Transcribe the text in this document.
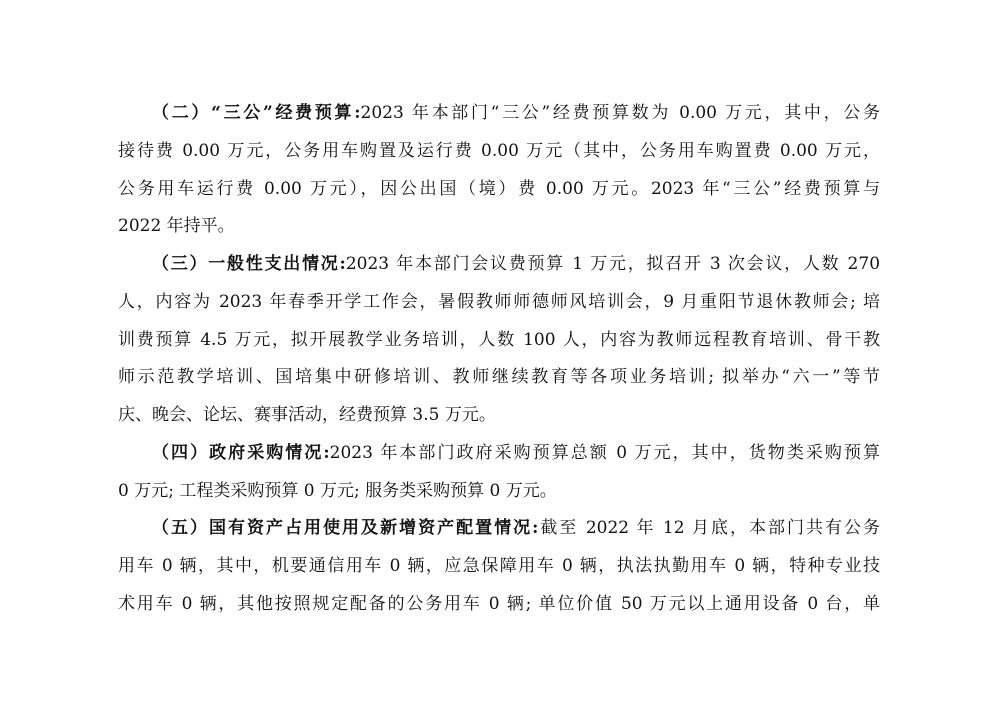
（二）“三公”经费预算:2023 年本部门“三公”经费预算数为 0.00 万元，其中，公务
接待费 0.00 万元，公务用车购置及运行费 0.00 万元（其中，公务用车购置费 0.00 万元，
公务用车运行费 0.00 万元），因公出国（境）费 0.00 万元。2023 年“三公”经费预算与
2022 年持平。
（三）一般性支出情况:2023 年本部门会议费预算 1 万元，拟召开 3 次会议，人数 270
人，内容为 2023 年春季开学工作会，暑假教师师德师风培训会，9 月重阳节退休教师会; 培
训费预算 4.5 万元，拟开展教学业务培训，人数 100 人，内容为教师远程教育培训、骨干教
师示范教学培训、国培集中研修培训、教师继续教育等各项业务培训; 拟举办“六一”等节
庆、晚会、论坛、赛事活动，经费预算 3.5 万元。
（四）政府采购情况:2023 年本部门政府采购预算总额 0 万元，其中，货物类采购预算
0 万元; 工程类采购预算 0 万元; 服务类采购预算 0 万元。
（五）国有资产占用使用及新增资产配置情况:截至 2022 年 12 月底，本部门共有公务
用车 0 辆，其中，机要通信用车 0 辆，应急保障用车 0 辆，执法执勤用车 0 辆，特种专业技
术用车 0 辆，其他按照规定配备的公务用车 0 辆; 单位价值 50 万元以上通用设备 0 台，单
